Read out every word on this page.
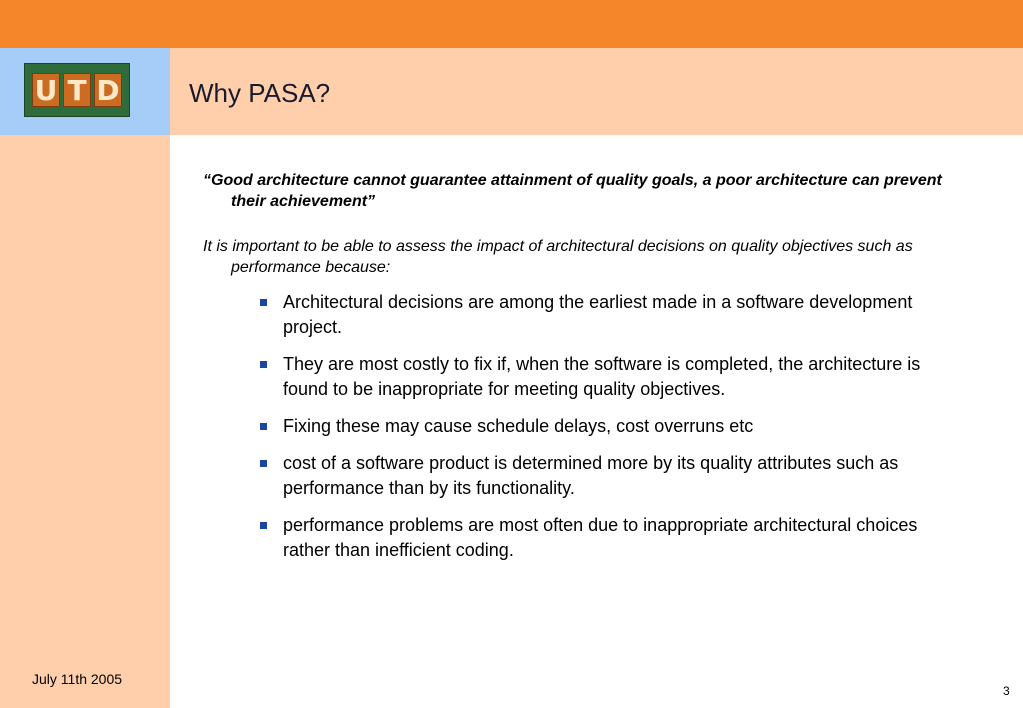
U T D	Why PASA?
July 11th 2005

“Good architecture cannot guarantee attainment of quality goals, a poor architecture can prevent their achievement”

It is important to be able to assess the impact of architectural decisions on quality objectives such as performance because:

Architectural decisions are among the earliest made in a software development project.
They are most costly to fix if, when the software is completed, the architecture is found to be inappropriate for meeting quality objectives.
Fixing these may cause schedule delays, cost overruns etc
cost of a software product is determined more by its quality attributes such as performance than by its functionality.
performance problems are most often due to inappropriate architectural choices rather than inefficient coding.
3
